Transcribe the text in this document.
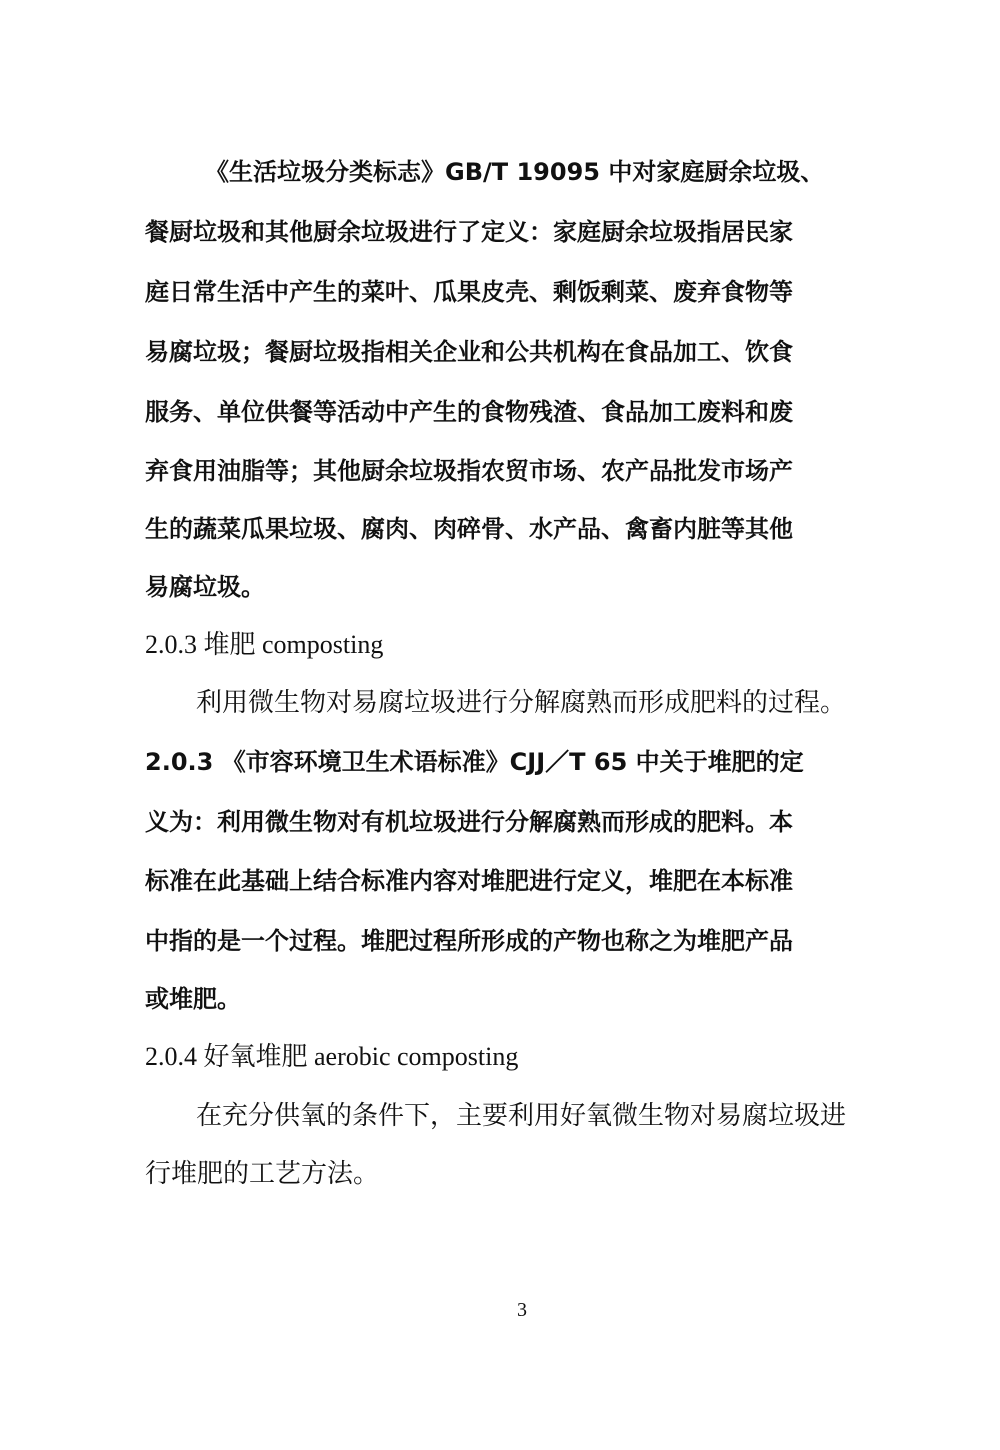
《生活垃圾分类标志》GB/T 19095 中对家庭厨余垃圾、

餐厨垃圾和其他厨余垃圾进行了定义：家庭厨余垃圾指居民家

庭日常生活中产生的菜叶、瓜果皮壳、剩饭剩菜、废弃食物等

易腐垃圾；餐厨垃圾指相关企业和公共机构在食品加工、饮食

服务、单位供餐等活动中产生的食物残渣、食品加工废料和废

弃食用油脂等；其他厨余垃圾指农贸市场、农产品批发市场产

生的蔬菜瓜果垃圾、腐肉、肉碎骨、水产品、禽畜内脏等其他

易腐垃圾。

2.0.3 堆肥 composting

利用微生物对易腐垃圾进行分解腐熟而形成肥料的过程。

2.0.3 《市容环境卫生术语标准》CJJ／T 65 中关于堆肥的定

义为：利用微生物对有机垃圾进行分解腐熟而形成的肥料。本

标准在此基础上结合标准内容对堆肥进行定义，堆肥在本标准

中指的是一个过程。堆肥过程所形成的产物也称之为堆肥产品

或堆肥。

2.0.4 好氧堆肥 aerobic composting

在充分供氧的条件下，主要利用好氧微生物对易腐垃圾进

行堆肥的工艺方法。

3
